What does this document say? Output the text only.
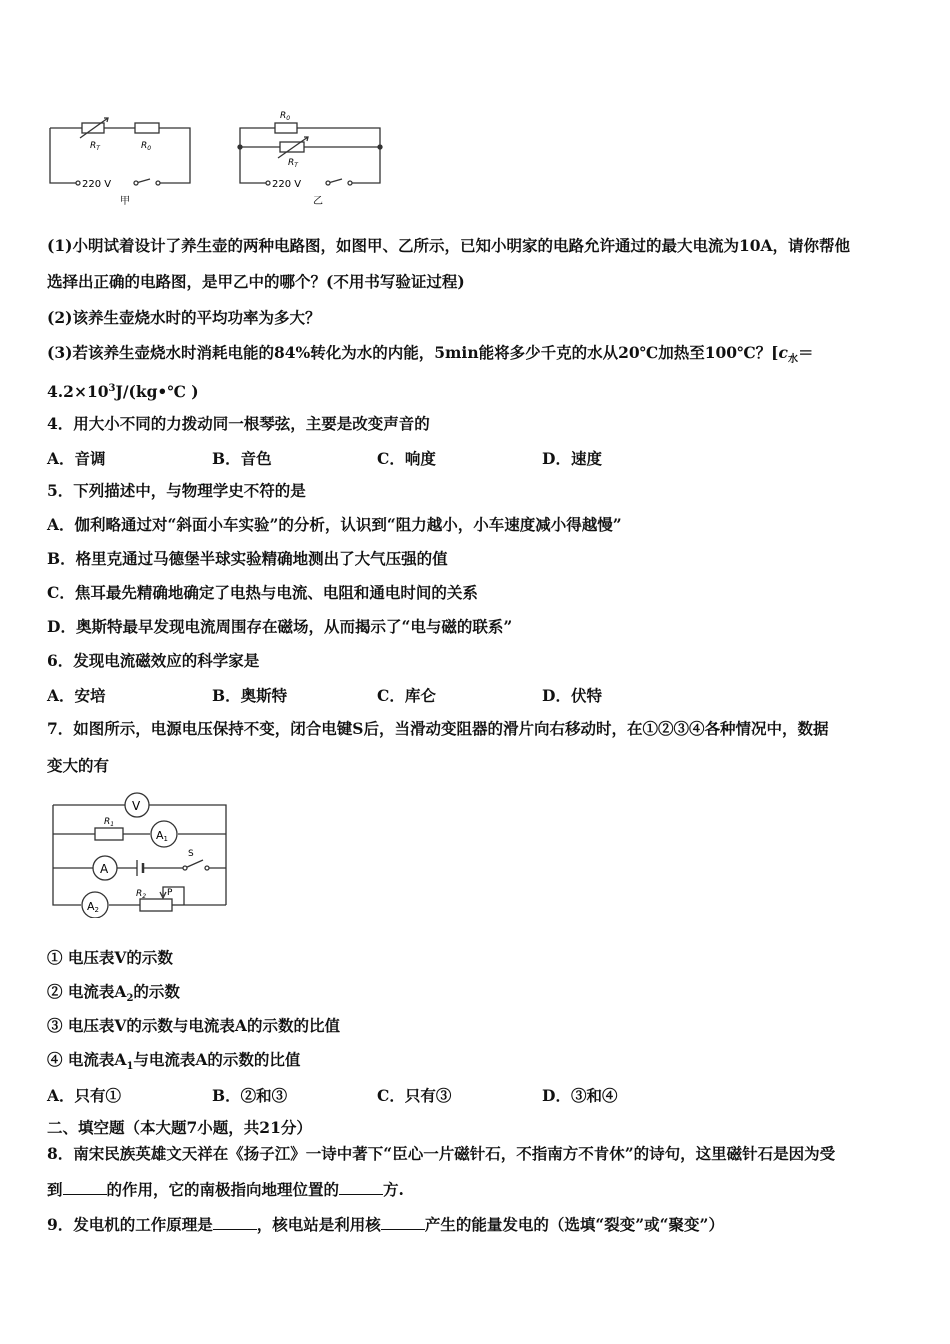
$R_T$	$R_0$
220 V
甲
$R_0$
$R_T$
220 V
乙
(1)小明试着设计了养生壶的两种电路图，如图甲、乙所示，已知小明家的电路允许通过的最大电流为10A，请你帮他
选择出正确的电路图，是甲乙中的哪个？(不用书写验证过程)
(2)该养生壶烧水时的平均功率为多大？
(3)若该养生壶烧水时消耗电能的84%转化为水的内能，5min能将多少千克的水从20℃加热至100℃？[$c_水=$
$4.2\times 10^3J/(kg•℃$ )
4．用大小不同的力拨动同一根琴弦，主要是改变声音的
A．音调	B．音色	C．响度	D．速度
5．下列描述中，与物理学史不符的是
A．伽利略通过对“斜面小车实验”的分析，认识到“阻力越小，小车速度减小得越慢”
B．格里克通过马德堡半球实验精确地测出了大气压强的值
C．焦耳最先精确地确定了电热与电流、电阻和通电时间的关系
D．奥斯特最早发现电流周围存在磁场，从而揭示了“电与磁的联系”
6．发现电流磁效应的科学家是
A．安培	B．奥斯特	C．库仑	D．伏特
7．如图所示，电源电压保持不变，闭合电键S后，当滑动变阻器的滑片向右移动时，在①②③④各种情况中，数据
变大的有
V
$R_1$
A1
A
S
A2
$R_2$ P
① 电压表V的示数
② 电流表$A_2$的示数
③ 电压表V的示数与电流表A的示数的比值
④ 电流表$A_1$与电流表A的示数的比值
A．只有①	B．②和③	C．只有③	D．③和④
二、填空题（本大题7小题，共21分）
8．南宋民族英雄文天祥在《扬子江》一诗中著下“臣心一片磁针石，不指南方不肯休”的诗句，这里磁针石是因为受
到	的作用，它的南极指向地理位置的	方.
9．发电机的工作原理是	，核电站是利用核	产生的能量发电的（选填“裂变”或“聚变”）
